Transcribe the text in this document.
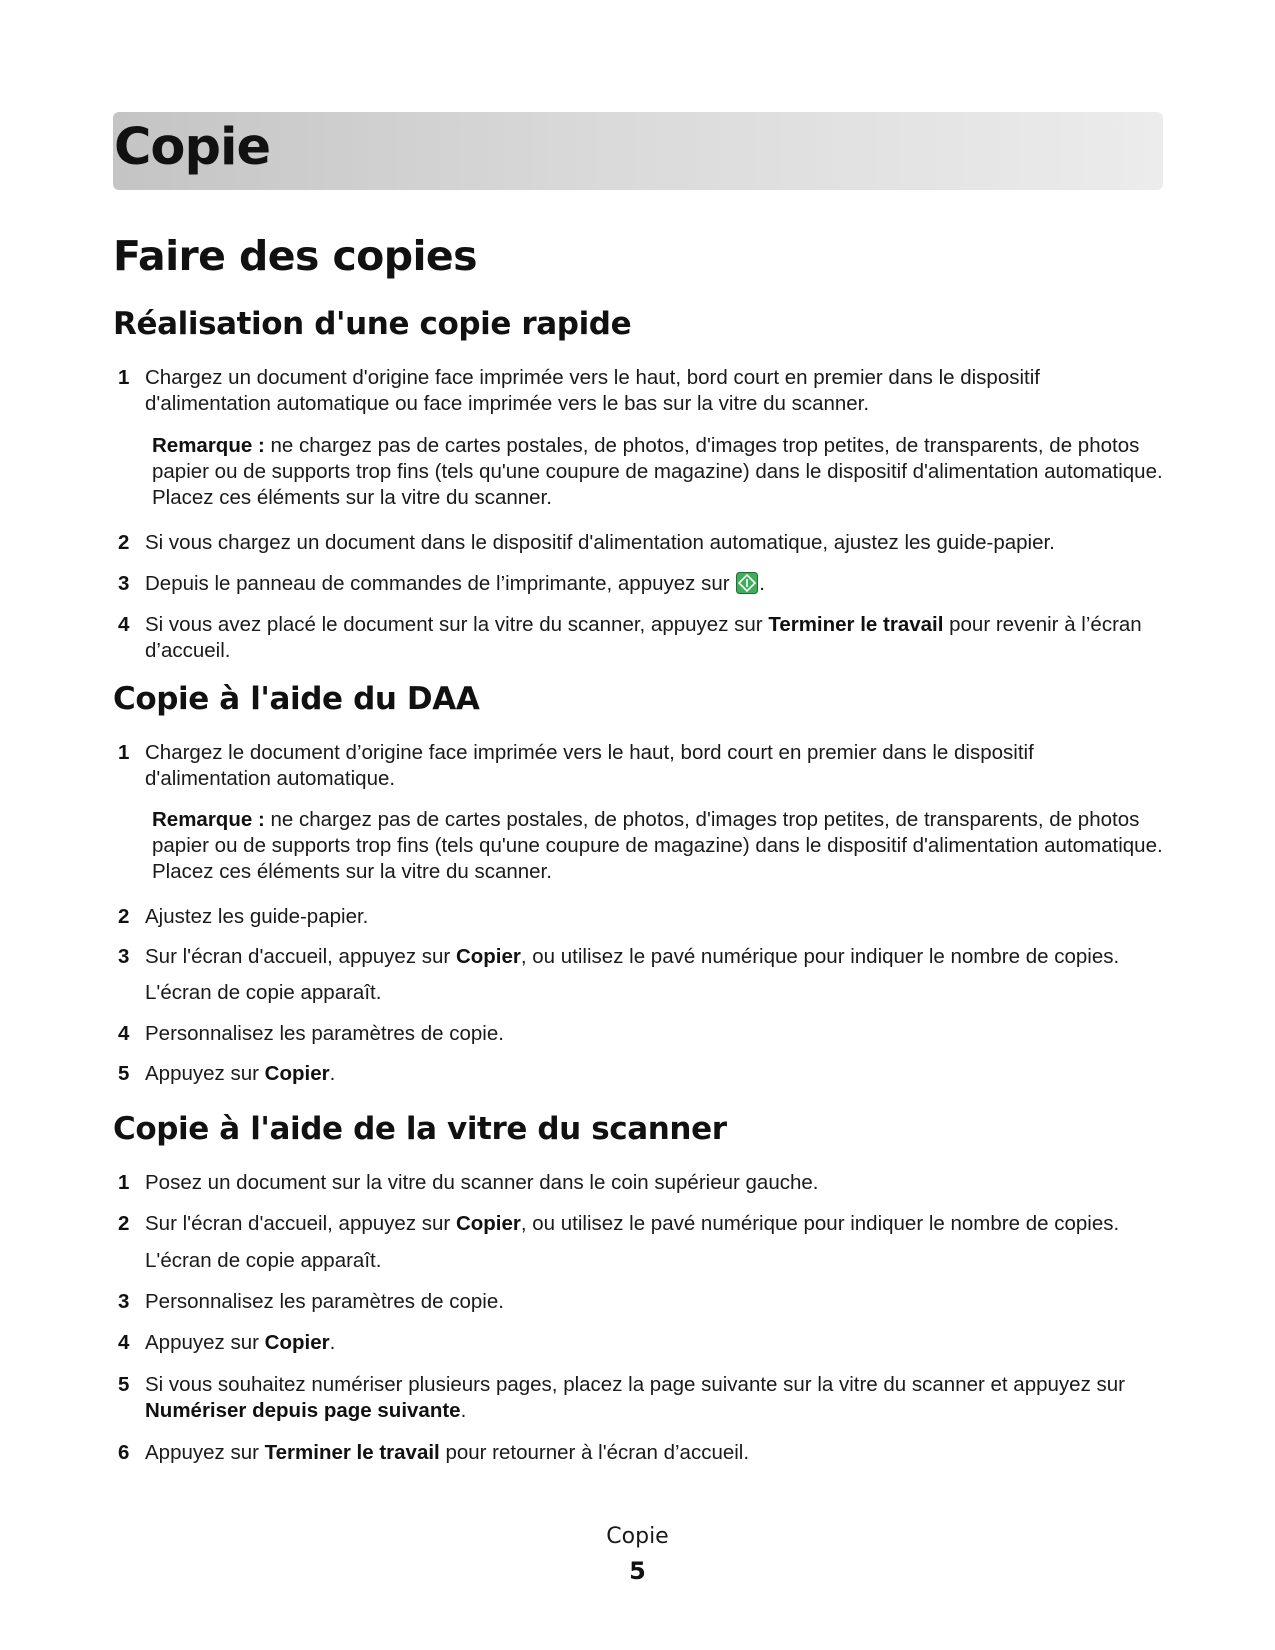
Copie
Faire des copies
Réalisation d'une copie rapide
1 Chargez un document d'origine face imprimée vers le haut, bord court en premier dans le dispositif d'alimentation automatique ou face imprimée vers le bas sur la vitre du scanner.
Remarque : ne chargez pas de cartes postales, de photos, d'images trop petites, de transparents, de photos papier ou de supports trop fins (tels qu'une coupure de magazine) dans le dispositif d'alimentation automatique. Placez ces éléments sur la vitre du scanner.
2 Si vous chargez un document dans le dispositif d'alimentation automatique, ajustez les guide-papier.
3 Depuis le panneau de commandes de l’imprimante, appuyez sur .
4 Si vous avez placé le document sur la vitre du scanner, appuyez sur Terminer le travail pour revenir à l’écran d’accueil.
Copie à l'aide du DAA
1 Chargez le document d’origine face imprimée vers le haut, bord court en premier dans le dispositif d'alimentation automatique.
Remarque : ne chargez pas de cartes postales, de photos, d'images trop petites, de transparents, de photos papier ou de supports trop fins (tels qu'une coupure de magazine) dans le dispositif d'alimentation automatique. Placez ces éléments sur la vitre du scanner.
2 Ajustez les guide-papier.
3 Sur l'écran d'accueil, appuyez sur Copier, ou utilisez le pavé numérique pour indiquer le nombre de copies.
L'écran de copie apparaît.
4 Personnalisez les paramètres de copie.
5 Appuyez sur Copier.
Copie à l'aide de la vitre du scanner
1 Posez un document sur la vitre du scanner dans le coin supérieur gauche.
2 Sur l'écran d'accueil, appuyez sur Copier, ou utilisez le pavé numérique pour indiquer le nombre de copies.
L'écran de copie apparaît.
3 Personnalisez les paramètres de copie.
4 Appuyez sur Copier.
5 Si vous souhaitez numériser plusieurs pages, placez la page suivante sur la vitre du scanner et appuyez sur Numériser depuis page suivante.
6 Appuyez sur Terminer le travail pour retourner à l'écran d’accueil.
Copie
5
